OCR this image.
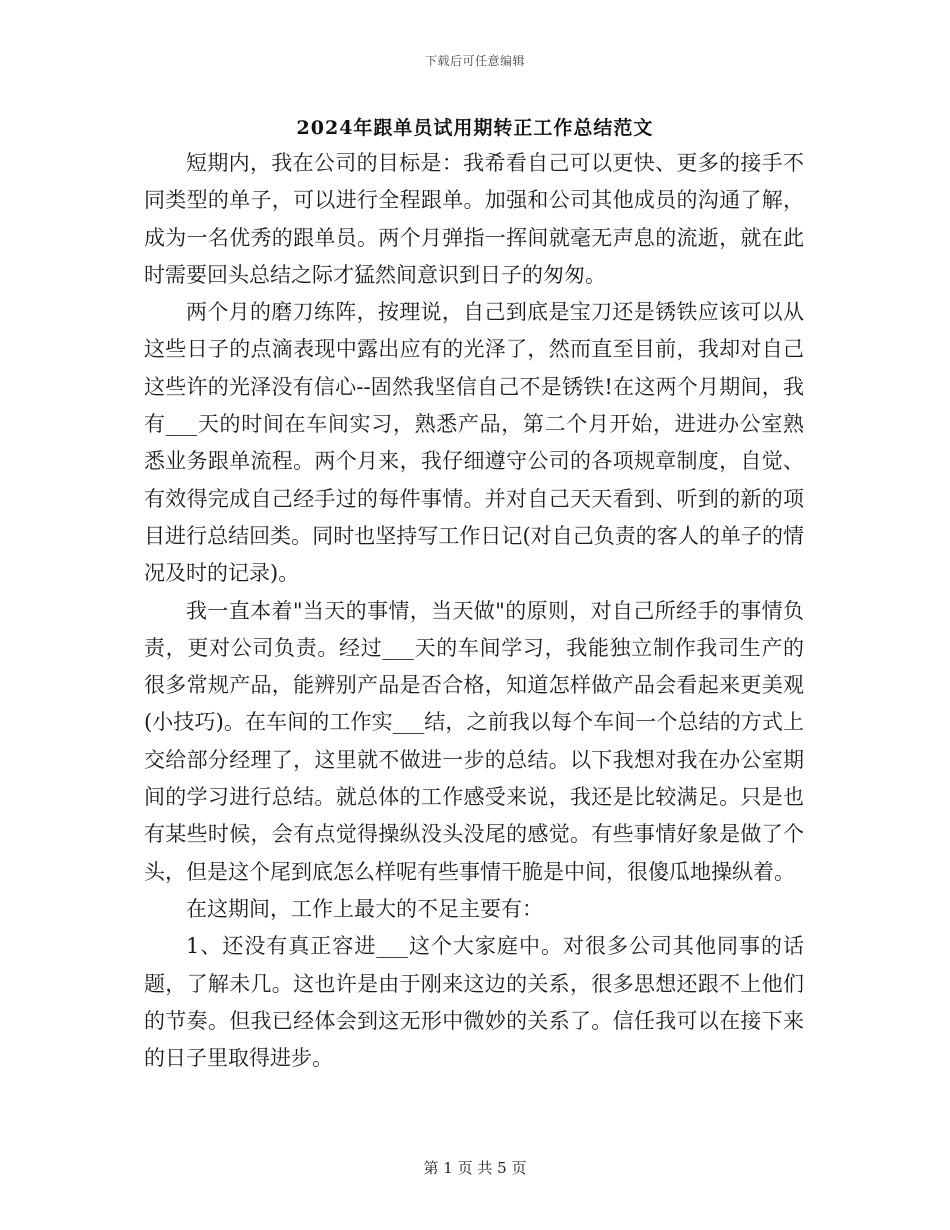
下载后可任意编辑
2024年跟单员试用期转正工作总结范文

短期内，我在公司的目标是：我希看自己可以更快、更多的接手不同类型的单子，可以进行全程跟单。加强和公司其他成员的沟通了解，成为一名优秀的跟单员。两个月弹指一挥间就毫无声息的流逝，就在此时需要回头总结之际才猛然间意识到日子的匆匆。

两个月的磨刀练阵，按理说，自己到底是宝刀还是锈铁应该可以从这些日子的点滴表现中露出应有的光泽了，然而直至目前，我却对自己这些许的光泽没有信心--固然我坚信自己不是锈铁!在这两个月期间，我有___天的时间在车间实习，熟悉产品，第二个月开始，进进办公室熟悉业务跟单流程。两个月来，我仔细遵守公司的各项规章制度，自觉、有效得完成自己经手过的每件事情。并对自己天天看到、听到的新的项目进行总结回类。同时也坚持写工作日记(对自己负责的客人的单子的情况及时的记录)。

我一直本着"当天的事情，当天做"的原则，对自己所经手的事情负责，更对公司负责。经过___天的车间学习，我能独立制作我司生产的很多常规产品，能辨别产品是否合格，知道怎样做产品会看起来更美观(小技巧)。在车间的工作实___结，之前我以每个车间一个总结的方式上交给部分经理了，这里就不做进一步的总结。以下我想对我在办公室期间的学习进行总结。就总体的工作感受来说，我还是比较满足。只是也有某些时候，会有点觉得操纵没头没尾的感觉。有些事情好象是做了个头，但是这个尾到底怎么样呢有些事情干脆是中间，很傻瓜地操纵着。

在这期间，工作上最大的不足主要有：

1、还没有真正容进___这个大家庭中。对很多公司其他同事的话题，了解未几。这也许是由于刚来这边的关系，很多思想还跟不上他们的节奏。但我已经体会到这无形中微妙的关系了。信任我可以在接下来的日子里取得进步。

第 1 页 共 5 页
